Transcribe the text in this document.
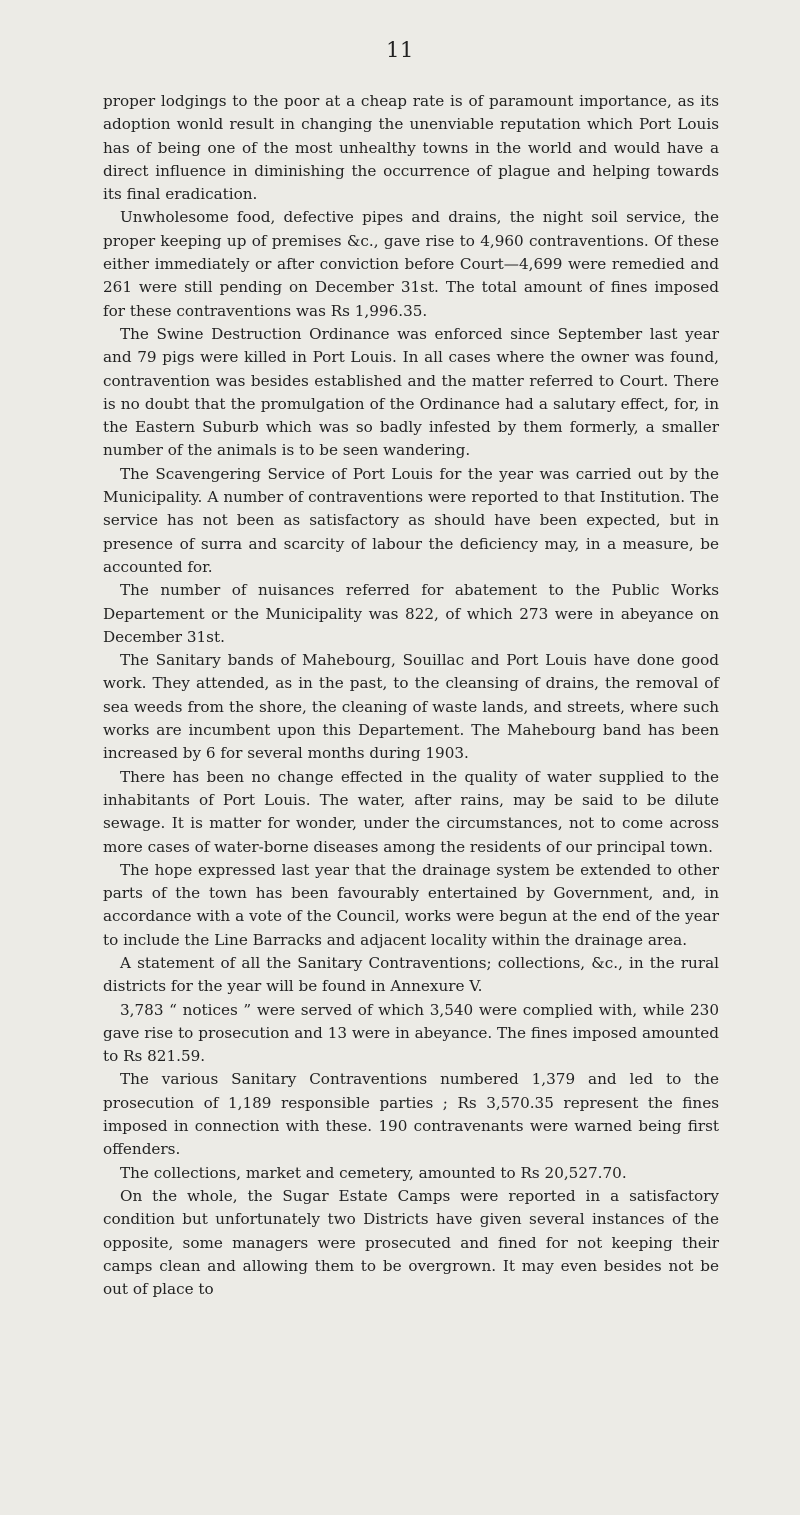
11

proper lodgings to the poor at a cheap rate is of paramount importance, as its adoption wonld result in changing the unenviable reputation which Port Louis has of being one of the most unhealthy towns in the world and would have a direct influence in diminishing the occurrence of plague and helping towards its final eradication.

Unwholesome food, defective pipes and drains, the night soil service, the proper keeping up of premises &c., gave rise to 4,960 contraventions. Of these either immediately or after conviction before Court—4,699 were remedied and 261 were still pending on December 31st. The total amount of fines imposed for these contraventions was Rs 1,996.35.

The Swine Destruction Ordinance was enforced since September last year and 79 pigs were killed in Port Louis. In all cases where the owner was found, contravention was besides established and the matter referred to Court. There is no doubt that the promulgation of the Ordinance had a salutary effect, for, in the Eastern Suburb which was so badly infested by them formerly, a smaller number of the animals is to be seen wandering.

The Scavengering Service of Port Louis for the year was carried out by the Municipality. A number of contraventions were reported to that Institution. The service has not been as satisfactory as should have been expected, but in presence of surra and scarcity of labour the deficiency may, in a measure, be accounted for.

The number of nuisances referred for abatement to the Public Works Departement or the Municipality was 822, of which 273 were in abeyance on December 31st.

The Sanitary bands of Mahebourg, Souillac and Port Louis have done good work. They attended, as in the past, to the cleansing of drains, the removal of sea weeds from the shore, the cleaning of waste lands, and streets, where such works are incumbent upon this Departement. The Mahebourg band has been increased by 6 for several months during 1903.

There has been no change effected in the quality of water supplied to the inhabitants of Port Louis. The water, after rains, may be said to be dilute sewage. It is matter for wonder, under the circumstances, not to come across more cases of water-borne diseases among the residents of our principal town.

The hope expressed last year that the drainage system be extended to other parts of the town has been favourably entertained by Government, and, in accordance with a vote of the Council, works were begun at the end of the year to include the Line Barracks and adjacent locality within the drainage area.

A statement of all the Sanitary Contraventions; collections, &c., in the rural districts for the year will be found in Annexure V.

3,783 “ notices ” were served of which 3,540 were complied with, while 230 gave rise to prosecution and 13 were in abeyance. The fines imposed amounted to Rs 821.59.

The various Sanitary Contraventions numbered 1,379 and led to the prosecution of 1,189 responsible parties ; Rs 3,570.35 represent the fines imposed in connection with these. 190 contravenants were warned being first offenders.

The collections, market and cemetery, amounted to Rs 20,527.70.

On the whole, the Sugar Estate Camps were reported in a satisfactory condition but unfortunately two Districts have given several instances of the opposite, some managers were prosecuted and fined for not keeping their camps clean and allowing them to be overgrown. It may even besides not be out of place to
